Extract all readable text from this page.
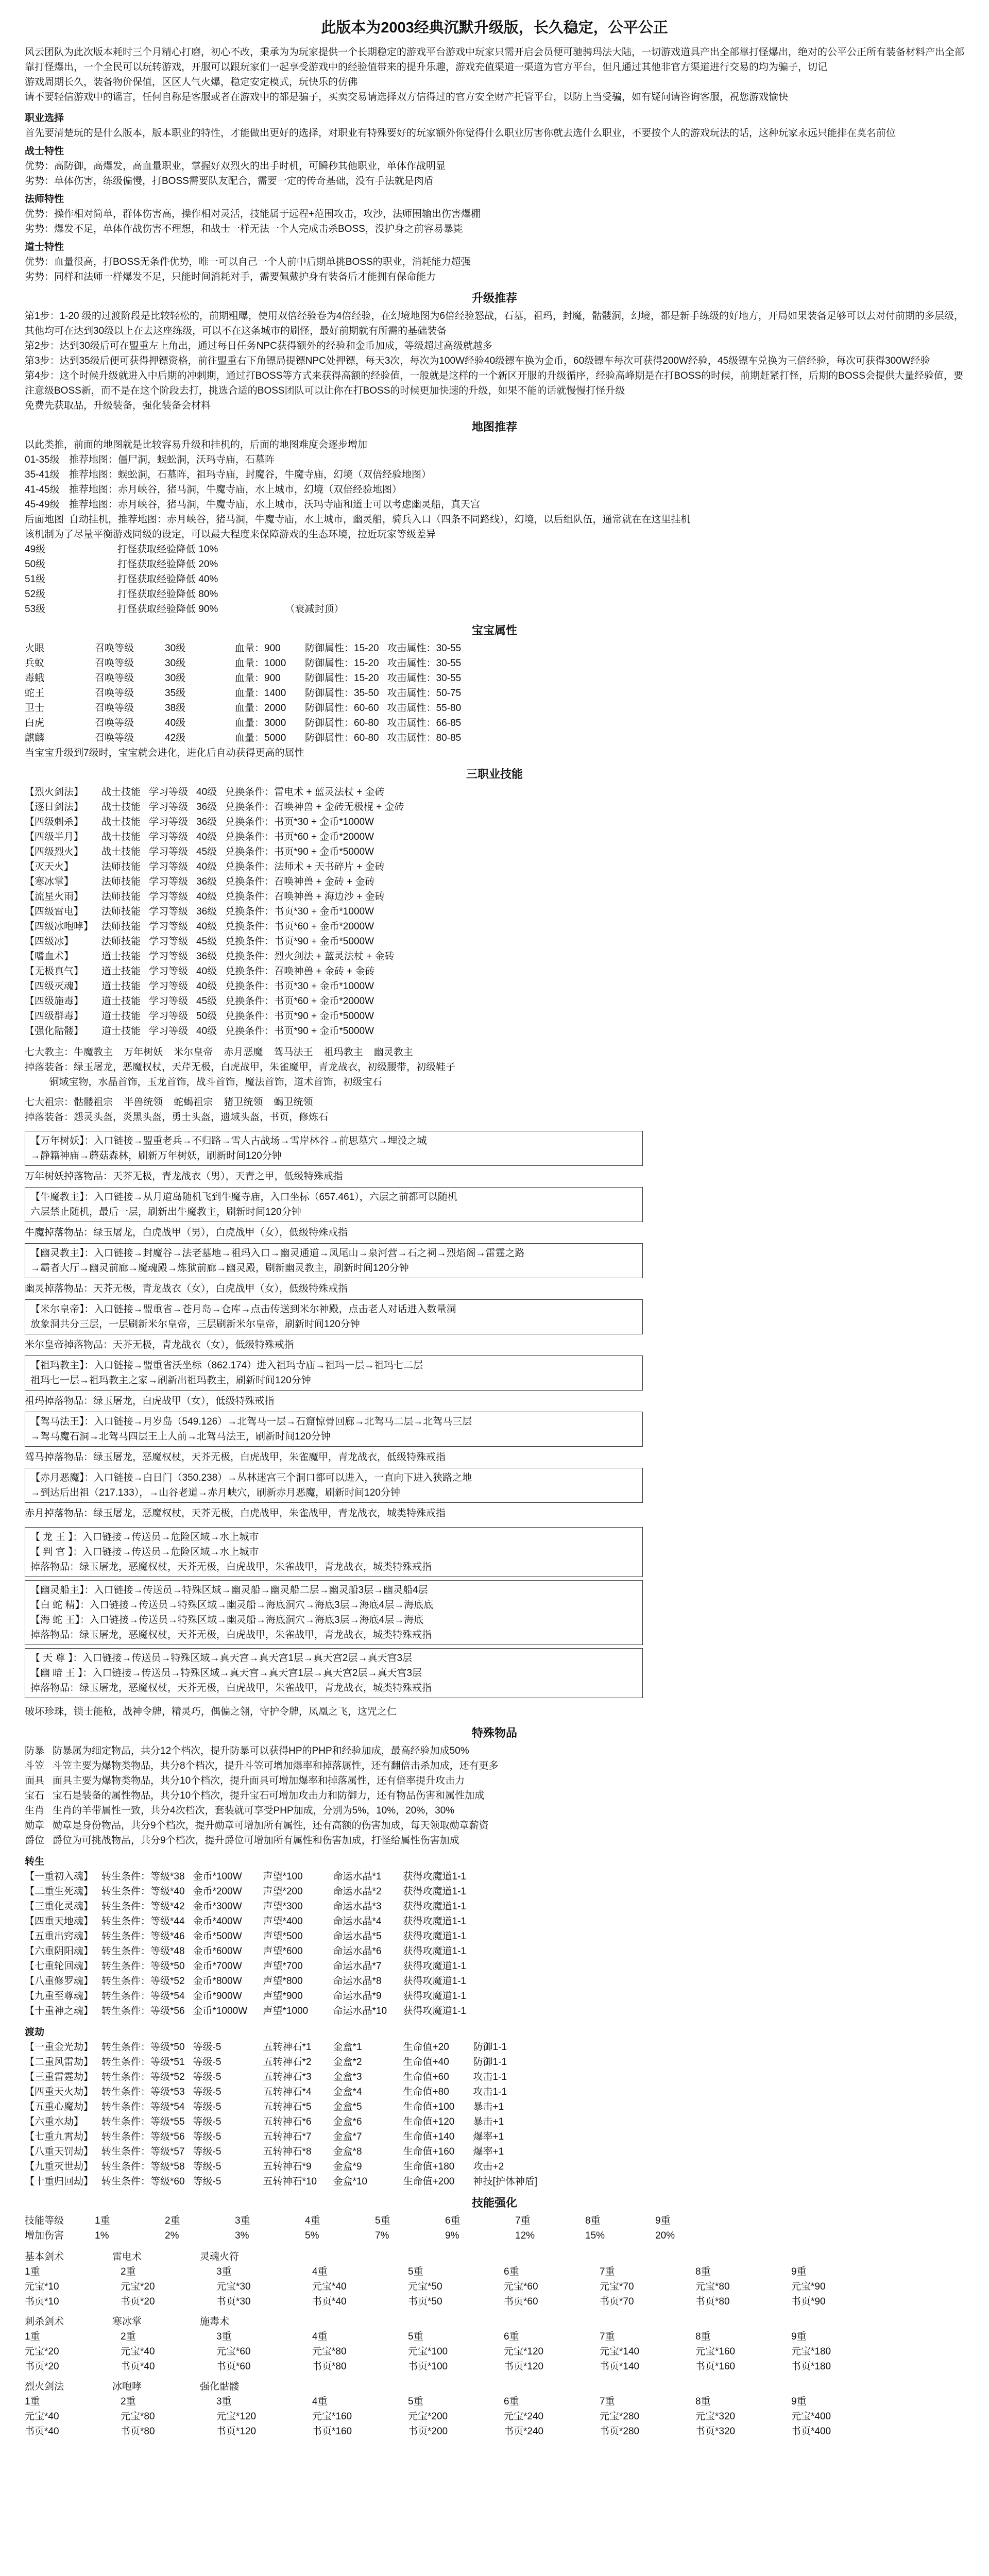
此版本为2003经典沉默升级版，长久稳定，公平公正

风云团队为此次版本耗时三个月精心打磨，初心不改，秉承为为玩家提供一个长期稳定的游戏平台游戏中玩家只需开启会员便可驰骋玛法大陆，一切游戏道具产出全部靠打怪爆出，绝对的公平公正所有装备材料产出全部靠打怪爆出，一个全民可以玩转游戏，开服可以跟玩家们一起享受游戏中的经验值带来的提升乐趣，游戏充值渠道一渠道为官方平台，但凡通过其他非官方渠道进行交易的均为骗子，切记

游戏周期长久，装备物价保值，区区人气火爆，稳定安定模式，玩快乐的仿佛

请不要轻信游戏中的谣言，任何自称是客服或者在游戏中的都是骗子，买卖交易请选择双方信得过的官方安全财产托管平台，以防上当受骗，如有疑问请咨询客服，祝您游戏愉快

职业选择

首先要清楚玩的是什么版本，版本职业的特性，才能做出更好的选择，对职业有特殊要好的玩家额外你觉得什么职业厉害你就去选什么职业，不要按个人的游戏玩法的话，这种玩家永远只能排在莫名前位

战士特性

优势：高防御，高爆发，高血量职业，掌握好双烈火的出手时机，可瞬秒其他职业，单体作战明显

劣势：单体伤害，练级偏慢，打BOSS需要队友配合，需要一定的传奇基础，没有手法就是肉盾

法师特性

优势：操作相对简单，群体伤害高，操作相对灵活，技能属于远程+范围攻击，攻沙，法师围输出伤害爆棚

劣势：爆发不足，单体作战伤害不理想，和战士一样无法一个人完成击杀BOSS，没护身之前容易暴毙

道士特性

优势：血量很高，打BOSS无条件优势，唯一可以自己一个人前中后期单挑BOSS的职业，消耗能力超强

劣势：同样和法师一样爆发不足，只能时间消耗对手，需要佩戴护身有装备后才能拥有保命能力

升级推荐
第1步：1-20 级的过渡阶段是比较轻松的，前期粗曝，使用双倍经验卷为4倍经验，在幻境地图为6倍经验怒战，石墓，祖玛，封魔，骷髅洞，幻境，都是新手练级的好地方，开局如果装备足够可以去对付前期的多层级，其他均可在达到30级以上在去这座练级，可以不在这条城市的刷怪，最好前期就有所需的基础装备
第2步：达到30级后可在盟重左上角出，通过每日任务NPC获得额外的经验和金币加成，等级超过高级就越多
第3步：达到35级后便可获得押镖资格，前往盟重右下角镖局提镖NPC处押镖，每天3次，每次为100W经验40级镖车换为金币，60级镖车每次可获得200W经验，45级镖车兑换为三倍经验，每次可获得300W经验
第4步：这个时候升级就进入中后期的冲刺期，通过打BOSS等方式来获得高额的经验值，一般就是这样的一个新区开服的升级循序，经验高峰期是在打BOSS的时候，前期赶紧打怪，后期的BOSS会提供大量经验值，要注意级BOSS新，而不是在这个阶段去打，挑选合适的BOSS团队可以让你在打BOSS的时候更加快速的升级，如果不能的话就慢慢打怪升级

免费先获取品，升级装备，强化装备会材料

地图推荐

以此类推，前面的地图就是比较容易升级和挂机的，后面的地图难度会逐步增加

01-35级	推荐地图：僵尸洞，蜈蚣洞，沃玛寺庙，石墓阵
35-41级	推荐地图：蜈蚣洞，石墓阵，祖玛寺庙，封魔谷，牛魔寺庙，幻境（双倍经验地图）
41-45级	推荐地图：赤月峡谷，猪马洞，牛魔寺庙，水上城市，幻境（双倍经验地图）
45-49级	推荐地图：赤月峡谷，猪马洞，牛魔寺庙，水上城市，沃玛寺庙和道士可以考虑幽灵船，真天宫
后面地图	自动挂机，推荐地图：赤月峡谷，猪马洞，牛魔寺庙，水上城市，幽灵船，骑兵入口（四条不同路线），幻境，以后组队伍，通常就在在这里挂机

该机制为了尽量平衡游戏同级的设定，可以最大程度来保障游戏的生态环境，拉近玩家等级差异

49级	打怪获取经验降低 10%	
50级	打怪获取经验降低 20%	
51级	打怪获取经验降低 40%	
52级	打怪获取经验降低 80%	
53级	打怪获取经验降低 90%	（衰减封顶）
宝宝属性
火眼	召唤等级	30级	血量：900	防御属性：15-20	攻击属性：30-55
兵蚁	召唤等级	30级	血量：1000	防御属性：15-20	攻击属性：30-55
毒蛾	召唤等级	30级	血量：900	防御属性：15-20	攻击属性：30-55
蛇王	召唤等级	35级	血量：1400	防御属性：35-50	攻击属性：50-75
卫士	召唤等级	38级	血量：2000	防御属性：60-60	攻击属性：55-80
白虎	召唤等级	40级	血量：3000	防御属性：60-80	攻击属性：66-85
麒麟	召唤等级	42级	血量：5000	防御属性：60-80	攻击属性：80-85

当宝宝升级到7级时，宝宝就会进化，进化后自动获得更高的属性

三职业技能
【烈火剑法】	战士技能	学习等级	40级	兑换条件：雷电术 + 蓝灵法杖 + 金砖
【逐日剑法】	战士技能	学习等级	36级	兑换条件：召唤神兽 + 金砖无极棍 + 金砖
【四级刺杀】	战士技能	学习等级	36级	兑换条件：书页*30 + 金币*1000W
【四级半月】	战士技能	学习等级	40级	兑换条件：书页*60 + 金币*2000W
【四级烈火】	战士技能	学习等级	45级	兑换条件：书页*90 + 金币*5000W
【灭天火】	法师技能	学习等级	40级	兑换条件：法师术 + 天书碎片 + 金砖
【寒冰掌】	法师技能	学习等级	36级	兑换条件：召唤神兽 + 金砖 + 金砖
【流星火雨】	法师技能	学习等级	40级	兑换条件：召唤神兽 + 海边沙 + 金砖
【四级雷电】	法师技能	学习等级	36级	兑换条件：书页*30 + 金币*1000W
【四级冰咆哮】	法师技能	学习等级	40级	兑换条件：书页*60 + 金币*2000W
【四级冰】	法师技能	学习等级	45级	兑换条件：书页*90 + 金币*5000W
【嗜血术】	道士技能	学习等级	36级	兑换条件：烈火剑法 + 蓝灵法杖 + 金砖
【无极真气】	道士技能	学习等级	40级	兑换条件：召唤神兽 + 金砖 + 金砖
【四级灭魂】	道士技能	学习等级	40级	兑换条件：书页*30 + 金币*1000W
【四级施毒】	道士技能	学习等级	45级	兑换条件：书页*60 + 金币*2000W
【四级群毒】	道士技能	学习等级	50级	兑换条件：书页*90 + 金币*5000W
【强化骷髅】	道士技能	学习等级	40级	兑换条件：书页*90 + 金币*5000W

七大教主：牛魔教主    万年树妖    米尔皇帝    赤月恶魔    驾马法王    祖玛教主    幽灵教主

掉落装备：绿玉屠龙，恶魔权杖，天芹无极，白虎战甲，朱雀魔甲，青龙战衣，初级腰带，初级鞋子

铜域宝物，水晶首饰，玉龙首饰，战斗首饰，魔法首饰，道术首饰，初级宝石

七大祖宗：骷髅祖宗    半兽统领    蛇蝎祖宗    猪卫统领    蝎卫统领

掉落装备：怨灵头盔，炎黑头盔，勇士头盔，遗域头盔，书页，修炼石

【万年树妖】：入口链接→盟重老兵→不归路→雪人古战场→雪岸林谷→前思墓穴→埋没之城

→静籍神庙→蘑菇森林，刷新万年树妖，刷新时间120分钟

万年树妖掉落物品：天芥无极，青龙战衣（男），天青之甲，低级特殊戒指

【牛魔教主】：入口链接→从月道岛随机飞到牛魔寺庙，入口坐标（657.461），六层之前都可以随机

六层禁止随机，最后一层，刷新出牛魔教主，刷新时间120分钟

牛魔掉落物品：绿玉屠龙，白虎战甲（男），白虎战甲（女），低级特殊戒指

【幽灵教主】：入口链接→封魔谷→法老墓地→祖玛入口→幽灵通道→凤尾山→泉河营→石之祠→烈焰阁→雷霆之路

→霸者大厅→幽灵前廊→魔魂殿→炼狱前廊→幽灵殿，刷新幽灵教主，刷新时间120分钟

幽灵掉落物品：天芥无极，青龙战衣（女），白虎战甲（女），低级特殊戒指

【米尔皇帝】：入口链接→盟重省→苍月岛→仓库→点击传送到米尔神殿，点击老人对话进入数量洞

放象洞共分三层，一层刷新米尔皇帝，三层刷新米尔皇帝，刷新时间120分钟

米尔皇帝掉落物品：天芥无极，青龙战衣（女），低级特殊戒指

【祖玛教主】：入口链接→盟重省沃坐标（862.174）进入祖玛寺庙→祖玛一层→祖玛七二层

祖玛七一层→祖玛教主之家→刷新出祖玛教主，刷新时间120分钟

祖玛掉落物品：绿玉屠龙，白虎战甲（女），低级特殊戒指

【驾马法王】：入口链接→月岁岛（549.126）→北驾马一层→石窟惊骨回廊→北驾马二层→北驾马三层

→驾马魔石洞→北驾马四层王上人前→北驾马法王，刷新时间120分钟

驾马掉落物品：绿玉屠龙，恶魔权杖，天芥无极，白虎战甲，朱雀魔甲，青龙战衣，低级特殊戒指

【赤月恶魔】：入口链接→白日门（350.238）→丛林迷宫三个洞口都可以进入，一直向下进入狭路之地

→到达后出祖（217.133），→山谷老道→赤月峡穴，刷新赤月恶魔，刷新时间120分钟

赤月掉落物品：绿玉屠龙，恶魔权杖，天芥无极，白虎战甲，朱雀战甲，青龙战衣，城类特殊戒指

【 龙 王 】：入口链接→传送员→危险区域→水上城市

【 判 官 】：入口链接→传送员→危险区域→水上城市

掉落物品：绿玉屠龙，恶魔权杖，天芥无极，白虎战甲，朱雀战甲，青龙战衣，城类特殊戒指

【幽灵船主】：入口链接→传送员→特殊区域→幽灵船→幽灵船二层→幽灵船3层→幽灵船4层

【白 蛇 精】：入口链接→传送员→特殊区域→幽灵船→海底洞穴→海底3层→海底4层→海底底

【海 蛇 王】：入口链接→传送员→特殊区域→幽灵船→海底洞穴→海底3层→海底4层→海底

掉落物品：绿玉屠龙，恶魔权杖，天芥无极，白虎战甲，朱雀战甲，青龙战衣，城类特殊戒指

【 天 尊 】：入口链接→传送员→特殊区域→真天宫→真天宫1层→真天宫2层→真天宫3层

【幽 暗 王 】：入口链接→传送员→特殊区域→真天宫→真天宫1层→真天宫2层→真天宫3层

掉落物品：绿玉屠龙，恶魔权杖，天芥无极，白虎战甲，朱雀战甲，青龙战衣，城类特殊戒指

破坏珍珠，锁士能枪，战神令牌，精灵巧，偶偏之翎，守护令牌，凤凰之飞，这咒之仁

特殊物品
防暴	防暴属为细定物品，共分12个档次，提升防暴可以获得HP的PHP和经验加成，最高经验加成50%
斗笠	斗笠主要为爆物类物品，共分8个档次，提升斗笠可增加爆率和掉落属性，还有翻倍击杀加成，还有更多
面具	面具主要为爆物类物品，共分10个档次，提升面具可增加爆率和掉落属性，还有倍率提升攻击力
宝石	宝石是装备的属性物品，共分10个档次，提升宝石可增加攻击力和防御力，还有物品伤害和属性加成
生肖	生肖的羊带属性一致，共分4次档次，套装就可享受PHP加成，分别为5%，10%，20%，30%
勋章	勋章是身份物品，共分9个档次，提升勋章可增加所有属性，还有高额的伤害加成，每天领取勋章薪资
爵位	爵位为可挑战物品，共分9个档次，提升爵位可增加所有属性和伤害加成，打怪给属性伤害加成
转生
【一重初入魂】	转生条件：等级*38	金币*100W	声望*100	命运水晶*1	获得攻魔道1-1
【二重生死魂】	转生条件：等级*40	金币*200W	声望*200	命运水晶*2	获得攻魔道1-1
【三重化灵魂】	转生条件：等级*42	金币*300W	声望*300	命运水晶*3	获得攻魔道1-1
【四重天地魂】	转生条件：等级*44	金币*400W	声望*400	命运水晶*4	获得攻魔道1-1
【五重出窍魂】	转生条件：等级*46	金币*500W	声望*500	命运水晶*5	获得攻魔道1-1
【六重阴阳魂】	转生条件：等级*48	金币*600W	声望*600	命运水晶*6	获得攻魔道1-1
【七重轮回魂】	转生条件：等级*50	金币*700W	声望*700	命运水晶*7	获得攻魔道1-1
【八重修罗魂】	转生条件：等级*52	金币*800W	声望*800	命运水晶*8	获得攻魔道1-1
【九重至尊魂】	转生条件：等级*54	金币*900W	声望*900	命运水晶*9	获得攻魔道1-1
【十重神之魂】	转生条件：等级*56	金币*1000W	声望*1000	命运水晶*10	获得攻魔道1-1
渡劫
【一重金光劫】	转生条件：等级*50	等级-5	五转神石*1	金盒*1	生命值+20	防御1-1
【二重风雷劫】	转生条件：等级*51	等级-5	五转神石*2	金盒*2	生命值+40	防御1-1
【三重雷霆劫】	转生条件：等级*52	等级-5	五转神石*3	金盒*3	生命值+60	攻击1-1
【四重天火劫】	转生条件：等级*53	等级-5	五转神石*4	金盒*4	生命值+80	攻击1-1
【五重心魔劫】	转生条件：等级*54	等级-5	五转神石*5	金盒*5	生命值+100	暴击+1
【六重水劫】	转生条件：等级*55	等级-5	五转神石*6	金盒*6	生命值+120	暴击+1
【七重九霄劫】	转生条件：等级*56	等级-5	五转神石*7	金盒*7	生命值+140	爆率+1
【八重天罚劫】	转生条件：等级*57	等级-5	五转神石*8	金盒*8	生命值+160	爆率+1
【九重灭世劫】	转生条件：等级*58	等级-5	五转神石*9	金盒*9	生命值+180	攻击+2
【十重归回劫】	转生条件：等级*60	等级-5	五转神石*10	金盒*10	生命值+200	神技[护体神盾]
技能强化
技能等级	1重	2重	3重	4重	5重	6重	7重	8重	9重
增加伤害	1%	2%	3%	5%	7%	9%	12%	15%	20%
基本剑术	雷电术	灵魂火符
1重	2重	3重	4重	5重	6重	7重	8重	9重
元宝*10	元宝*20	元宝*30	元宝*40	元宝*50	元宝*60	元宝*70	元宝*80	元宝*90
书页*10	书页*20	书页*30	书页*40	书页*50	书页*60	书页*70	书页*80	书页*90
刺杀剑术	寒冰掌	施毒术
1重	2重	3重	4重	5重	6重	7重	8重	9重
元宝*20	元宝*40	元宝*60	元宝*80	元宝*100	元宝*120	元宝*140	元宝*160	元宝*180
书页*20	书页*40	书页*60	书页*80	书页*100	书页*120	书页*140	书页*160	书页*180
烈火剑法	冰咆哮	强化骷髅
1重	2重	3重	4重	5重	6重	7重	8重	9重
元宝*40	元宝*80	元宝*120	元宝*160	元宝*200	元宝*240	元宝*280	元宝*320	元宝*400
书页*40	书页*80	书页*120	书页*160	书页*200	书页*240	书页*280	书页*320	书页*400
